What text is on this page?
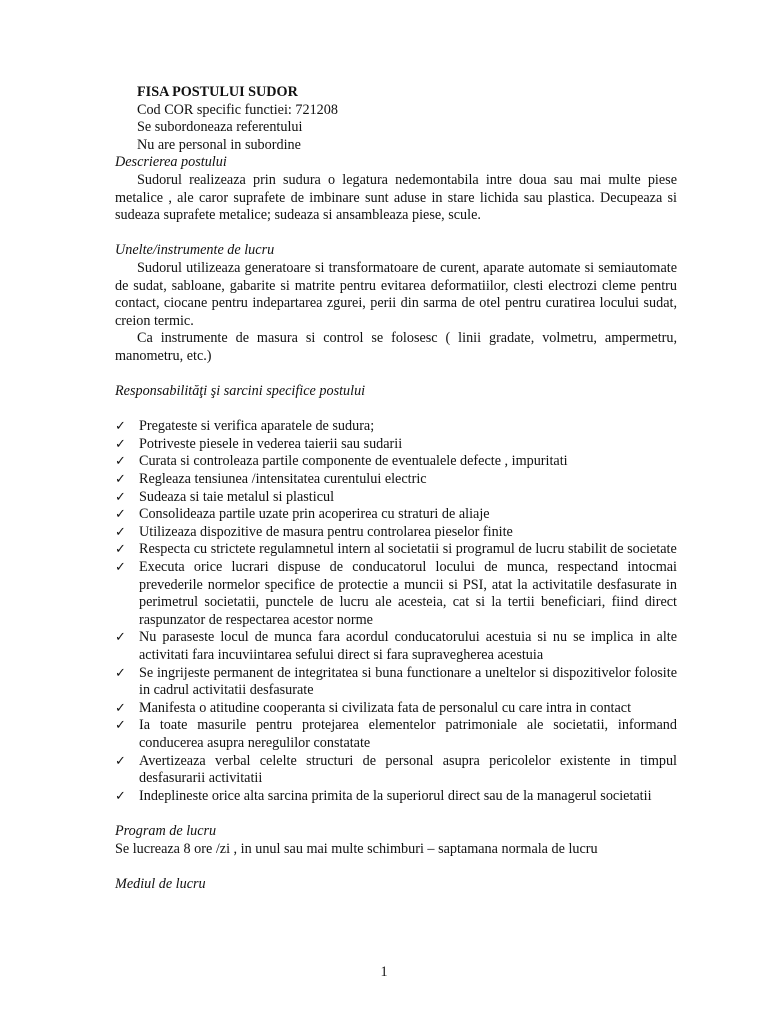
FISA POSTULUI SUDOR
Cod COR specific functiei: 721208
Se subordoneaza referentului
Nu are personal in subordine
Descrierea postului
Sudorul realizeaza prin sudura o legatura nedemontabila intre doua sau mai multe piese metalice , ale caror suprafete de imbinare sunt aduse in stare lichida sau plastica. Decupeaza si sudeaza suprafete metalice; sudeaza si ansambleaza piese, scule.
Unelte/instrumente de lucru
Sudorul utilizeaza generatoare si transformatoare de curent, aparate automate si semiautomate de sudat, sabloane, gabarite si matrite pentru evitarea deformatiilor, clesti electrozi cleme pentru contact, ciocane pentru indepartarea zgurei, perii din sarma de otel pentru curatirea locului sudat, creion termic.
Ca instrumente de masura si control se folosesc ( linii gradate, volmetru, ampermetru, manometru, etc.)
Responsabilităţi şi sarcini specifice postului
✓ Pregateste si verifica aparatele de sudura;
✓ Potriveste piesele in vederea taierii sau sudarii
✓ Curata si controleaza partile componente de eventualele defecte , impuritati
✓ Regleaza tensiunea /intensitatea curentului electric
✓ Sudeaza si taie metalul si plasticul
✓ Consolideaza partile uzate prin acoperirea cu straturi de aliaje
✓ Utilizeaza dispozitive de masura pentru controlarea pieselor finite
✓ Respecta cu strictete regulamnetul intern al societatii si programul de lucru stabilit de societate
✓ Executa orice lucrari dispuse de conducatorul locului de munca, respectand intocmai prevederile normelor specifice de protectie a muncii si PSI, atat la activitatile desfasurate in perimetrul societatii, punctele de lucru ale acesteia, cat si la tertii beneficiari, fiind direct raspunzator de respectarea acestor norme
✓ Nu paraseste locul de munca fara acordul conducatorului acestuia si nu se implica in alte activitati fara incuviintarea sefului direct si fara supravegherea acestuia
✓ Se ingrijeste permanent de integritatea si buna functionare a uneltelor si dispozitivelor folosite in cadrul activitatii desfasurate
✓ Manifesta o atitudine cooperanta si civilizata fata de personalul cu care intra in contact
✓ Ia toate masurile pentru protejarea elementelor patrimoniale ale societatii, informand conducerea asupra neregulilor constatate
✓ Avertizeaza verbal celelte structuri de personal asupra pericolelor existente in timpul desfasurarii activitatii
✓ Indeplineste orice alta sarcina primita de la superiorul direct sau de la managerul societatii
Program de lucru
Se lucreaza 8 ore /zi , in unul sau mai multe schimburi – saptamana normala de lucru
Mediul de lucru
1
